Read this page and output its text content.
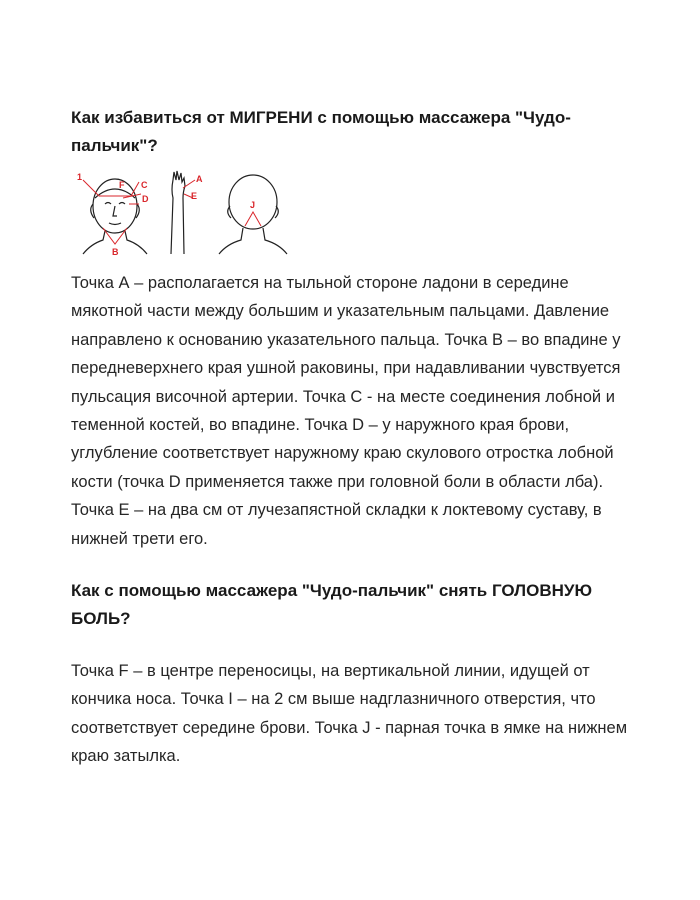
Как избавиться от МИГРЕНИ с помощью массажера "Чудо-пальчик"?
1
F C
D
B
A
E
J

Точка А – располагается на тыльной стороне ладони в середине мякотной части между большим и указательным пальцами. Давление направлено к основанию указательного пальца. Точка В – во впадине у передневерхнего края ушной раковины, при надавливании чувствуется пульсация височной артерии. Точка С - на месте соединения лобной и теменной костей, во впадине. Точка D – у наружного края брови, углубление соответствует наружному краю скулового отростка лобной кости (точка D применяется также при головной боли в области лба). Точка Е – на два см от лучезапястной складки к локтевому суставу, в нижней трети его.

Как с помощью массажера "Чудо-пальчик" снять ГОЛОВНУЮ БОЛЬ?

Точка F – в центре переносицы, на вертикальной линии, идущей от кончика носа. Точка I – на 2 см выше надглазничного отверстия, что соответствует середине брови. Точка J - парная точка в ямке на нижнем краю затылка.
